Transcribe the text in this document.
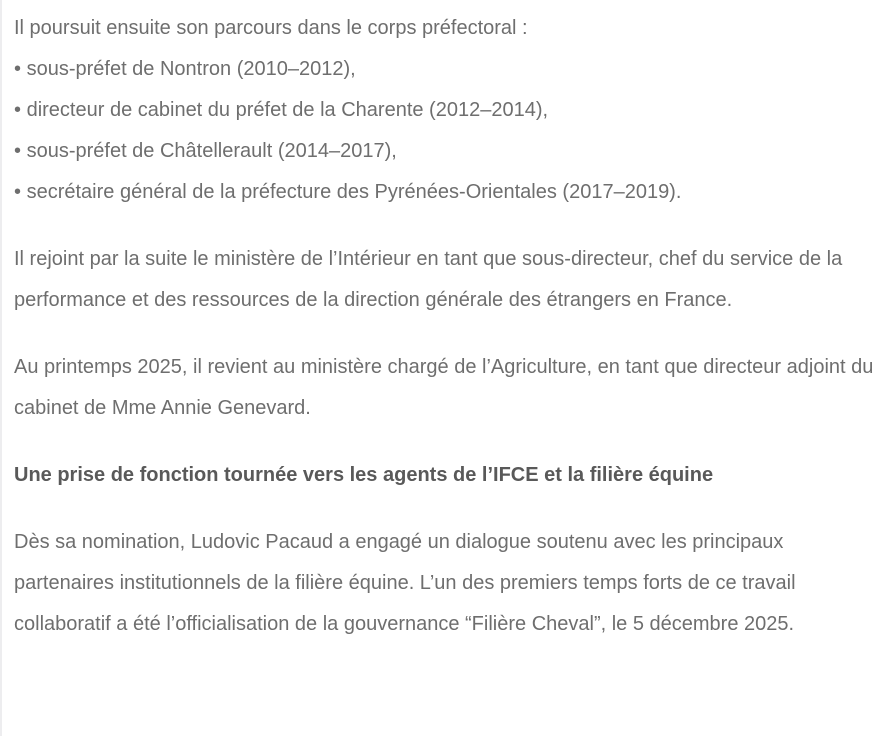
Il poursuit ensuite son parcours dans le corps préfectoral :

• sous-préfet de Nontron (2010–2012),

• directeur de cabinet du préfet de la Charente (2012–2014),

• sous-préfet de Châtellerault (2014–2017),

• secrétaire général de la préfecture des Pyrénées-Orientales (2017–2019).

Il rejoint par la suite le ministère de l’Intérieur en tant que sous-directeur, chef du service de la performance et des ressources de la direction générale des étrangers en France.

Au printemps 2025, il revient au ministère chargé de l’Agriculture, en tant que directeur adjoint du cabinet de Mme Annie Genevard.

Une prise de fonction tournée vers les agents de l’IFCE et la filière équine

Dès sa nomination, Ludovic Pacaud a engagé un dialogue soutenu avec les principaux partenaires institutionnels de la filière équine. L’un des premiers temps forts de ce travail collaboratif a été l’officialisation de la gouvernance “Filière Cheval”, le 5 décembre 2025.
